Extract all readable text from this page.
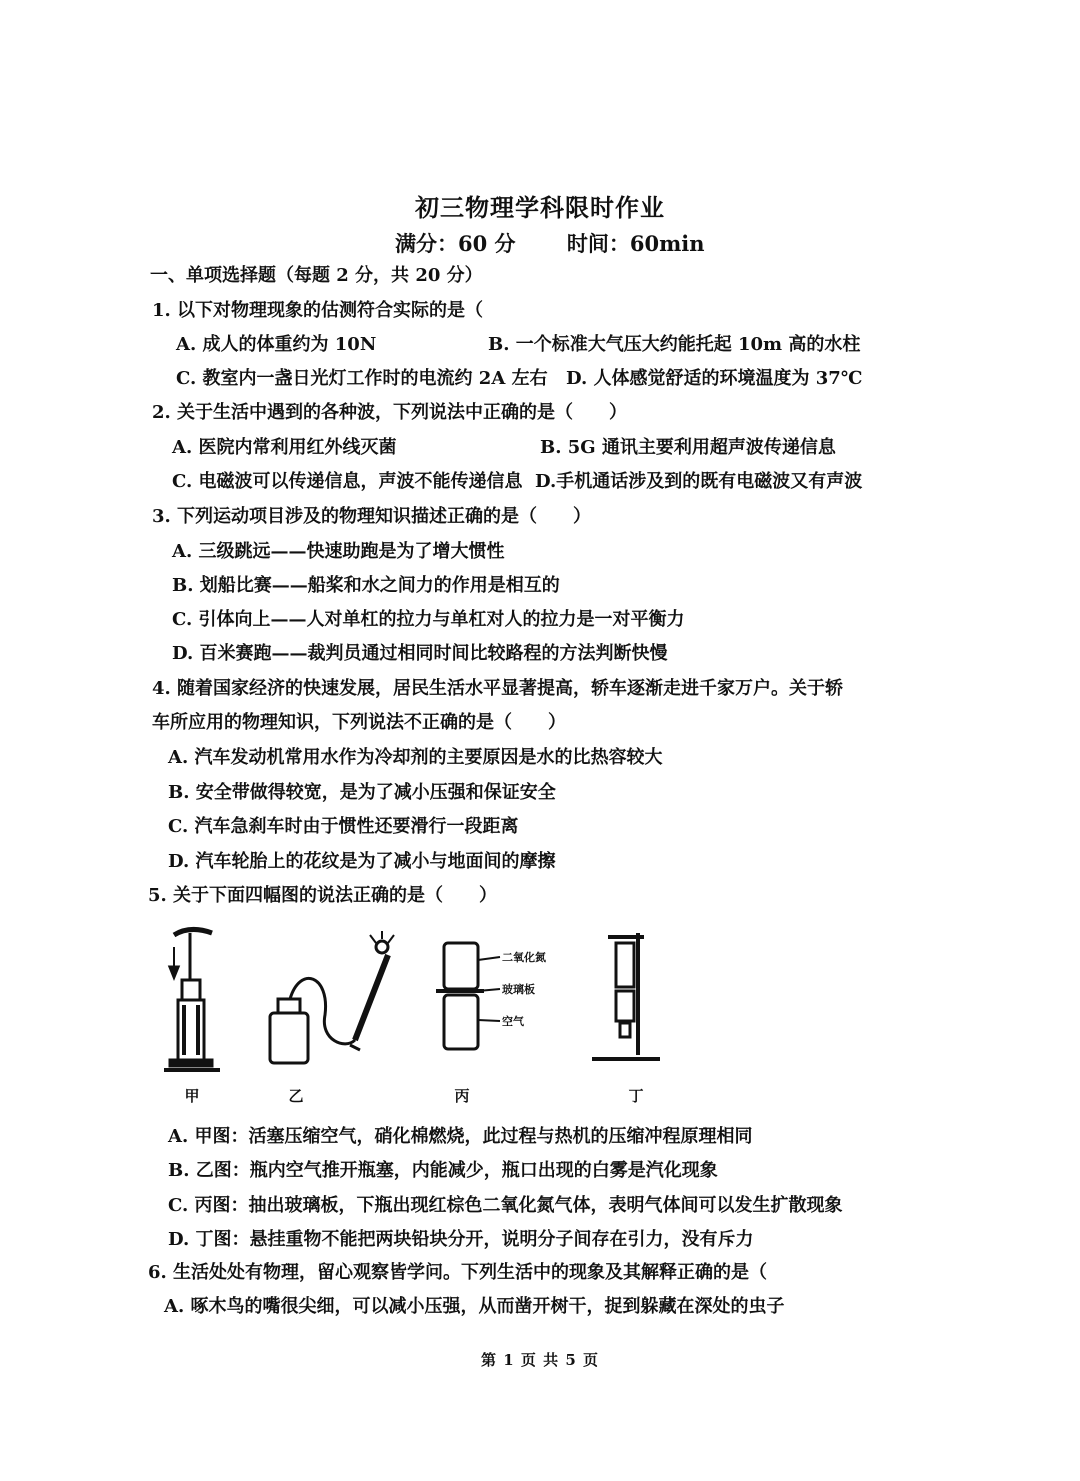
初三物理学科限时作业
满分：60 分 时间：60min
一、单项选择题（每题 2 分，共 20 分）
1. 以下对物理现象的估测符合实际的是（
A. 成人的体重约为 10N	B. 一个标准大气压大约能托起 10m 高的水柱
C. 教室内一盏日光灯工作时的电流约 2A 左右 D. 人体感觉舒适的环境温度为 37℃
2. 关于生活中遇到的各种波，下列说法中正确的是（　　）
A. 医院内常利用红外线灭菌	B. 5G 通讯主要利用超声波传递信息
C. 电磁波可以传递信息，声波不能传递信息 D.手机通话涉及到的既有电磁波又有声波
3. 下列运动项目涉及的物理知识描述正确的是（　　）
A. 三级跳远——快速助跑是为了增大惯性
B. 划船比赛——船桨和水之间力的作用是相互的
C. 引体向上——人对单杠的拉力与单杠对人的拉力是一对平衡力
D. 百米赛跑——裁判员通过相同时间比较路程的方法判断快慢
4. 随着国家经济的快速发展，居民生活水平显著提高，轿车逐渐走进千家万户。关于轿
车所应用的物理知识，下列说法不正确的是（　　）
A. 汽车发动机常用水作为冷却剂的主要原因是水的比热容较大
B. 安全带做得较宽，是为了减小压强和保证安全
C. 汽车急刹车时由于惯性还要滑行一段距离
D. 汽车轮胎上的花纹是为了减小与地面间的摩擦
5. 关于下面四幅图的说法正确的是（　　）
二氧化氮
玻璃板
空气
甲	乙	丙	丁
A. 甲图：活塞压缩空气，硝化棉燃烧，此过程与热机的压缩冲程原理相同
B. 乙图：瓶内空气推开瓶塞，内能减少，瓶口出现的白雾是汽化现象
C. 丙图：抽出玻璃板，下瓶出现红棕色二氧化氮气体，表明气体间可以发生扩散现象
D. 丁图：悬挂重物不能把两块铅块分开，说明分子间存在引力，没有斥力
6. 生活处处有物理，留心观察皆学问。下列生活中的现象及其解释正确的是（
A. 啄木鸟的嘴很尖细，可以减小压强，从而凿开树干，捉到躲藏在深处的虫子
第 1 页 共 5 页
